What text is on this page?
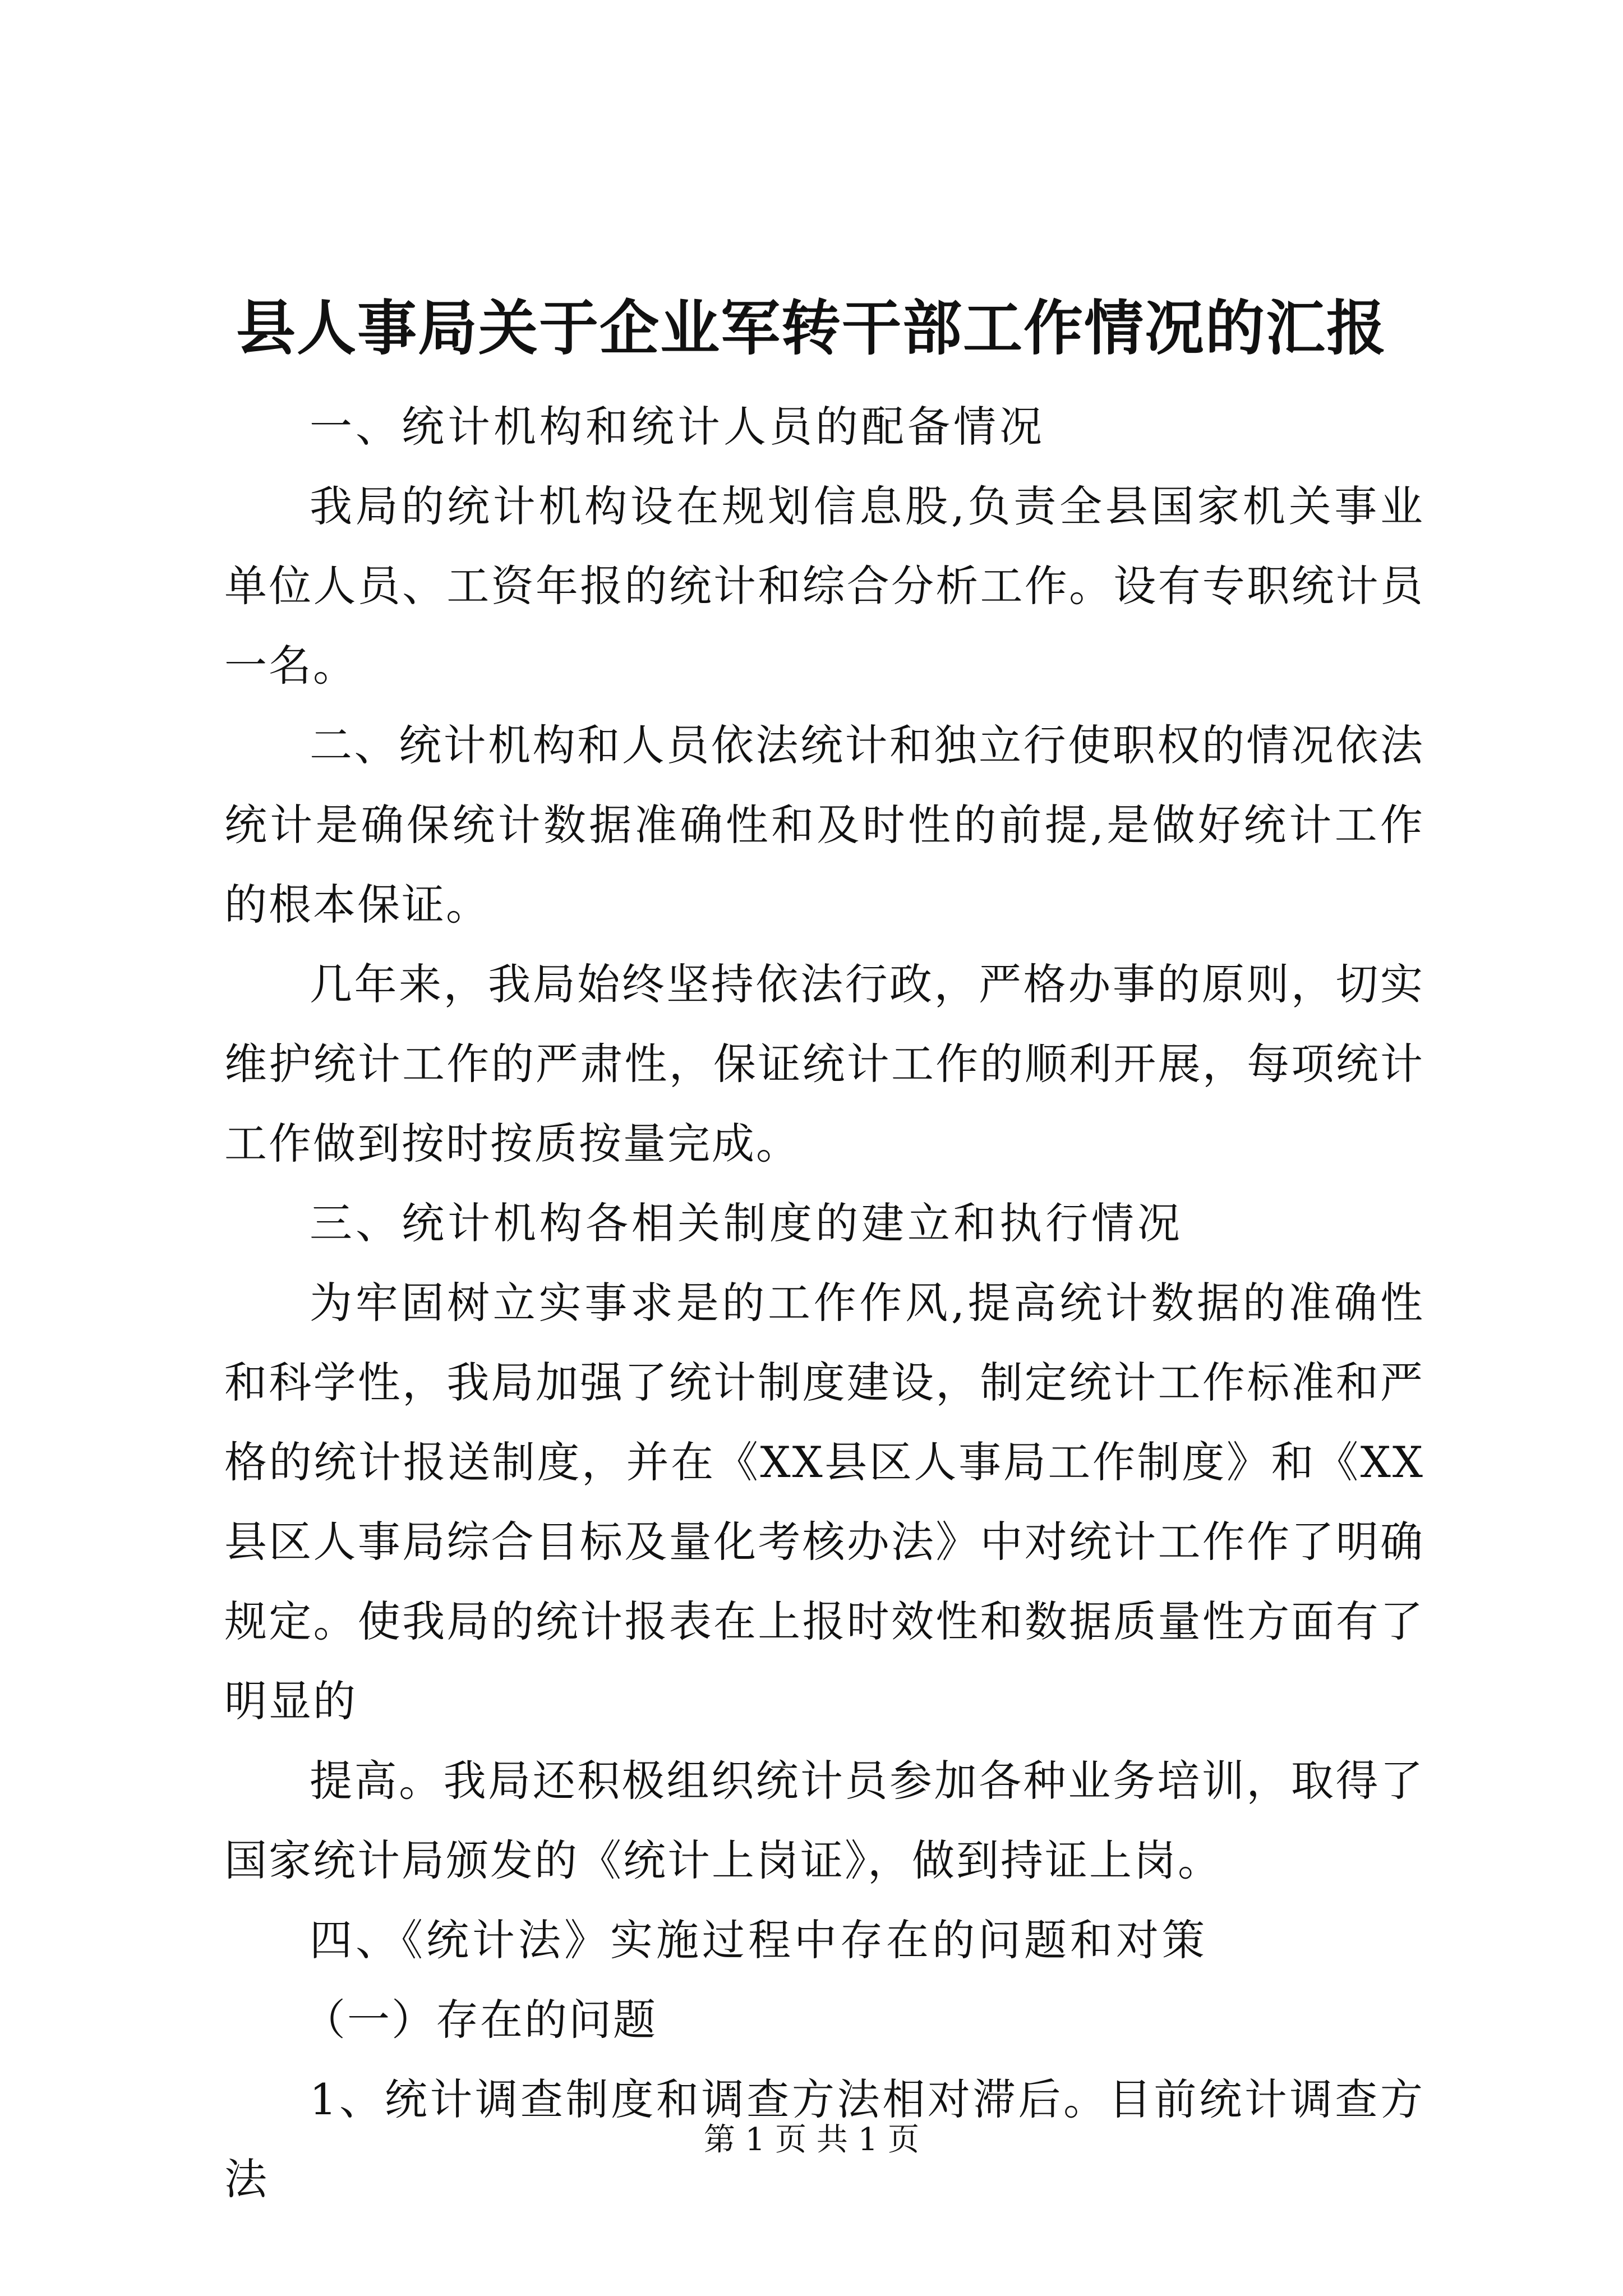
县人事局关于企业军转干部工作情况的汇报

一、统计机构和统计人员的配备情况

我局的统计机构设在规划信息股,负责全县国家机关事业单位人员、工资年报的统计和综合分析工作。设有专职统计员一名。

二、统计机构和人员依法统计和独立行使职权的情况依法统计是确保统计数据准确性和及时性的前提,是做好统计工作的根本保证。

几年来，我局始终坚持依法行政，严格办事的原则，切实维护统计工作的严肃性，保证统计工作的顺利开展，每项统计工作做到按时按质按量完成。

三、统计机构各相关制度的建立和执行情况

为牢固树立实事求是的工作作风,提高统计数据的准确性和科学性，我局加强了统计制度建设，制定统计工作标准和严格的统计报送制度，并在《XX县区人事局工作制度》和《XX县区人事局综合目标及量化考核办法》中对统计工作作了明确规定。使我局的统计报表在上报时效性和数据质量性方面有了明显的

提高。我局还积极组织统计员参加各种业务培训，取得了国家统计局颁发的《统计上岗证》，做到持证上岗。

四、《统计法》实施过程中存在的问题和对策

（一）存在的问题

1、统计调查制度和调查方法相对滞后。目前统计调查方法

第 1 页 共 1 页
